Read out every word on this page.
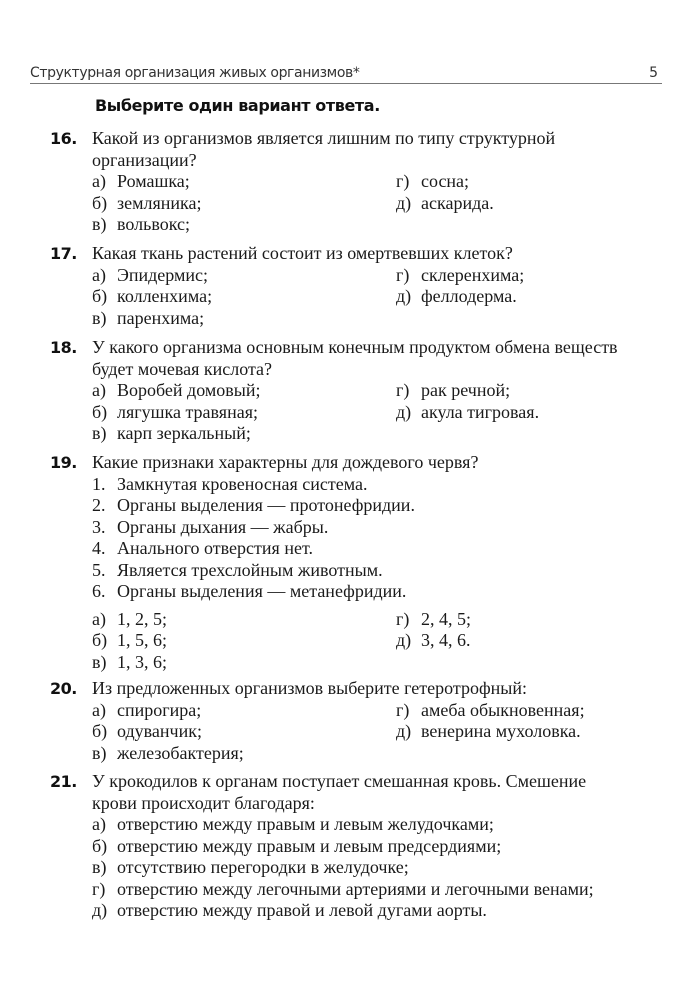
Структурная организация живых организмов*	5
Выберите один вариант ответа.
16. Какой из организмов является лишним по типу структурной организации?
а) Ромашка;
б) земляника;
в) вольвокс;
г) сосна;
д) аскарида.
17. Какая ткань растений состоит из омертвевших клеток?
а) Эпидермис;
б) колленхима;
в) паренхима;
г) склеренхима;
д) феллодерма.
18. У какого организма основным конечным продуктом обмена веществ будет мочевая кислота?
а) Воробей домовый;
б) лягушка травяная;
в) карп зеркальный;
г) рак речной;
д) акула тигровая.
19. Какие признаки характерны для дождевого червя?
1. Замкнутая кровеносная система.
2. Органы выделения — протонефридии.
3. Органы дыхания — жабры.
4. Анального отверстия нет.
5. Является трехслойным животным.
6. Органы выделения — метанефридии.
а) 1, 2, 5;
б) 1, 5, 6;
в) 1, 3, 6;
г) 2, 4, 5;
д) 3, 4, 6.
20. Из предложенных организмов выберите гетеротрофный:
а) спирогира;
б) одуванчик;
в) железобактерия;
г) амеба обыкновенная;
д) венерина мухоловка.
21. У крокодилов к органам поступает смешанная кровь. Смешение крови происходит благодаря:
а) отверстию между правым и левым желудочками;
б) отверстию между правым и левым предсердиями;
в) отсутствию перегородки в желудочке;
г) отверстию между легочными артериями и легочными венами;
д) отверстию между правой и левой дугами аорты.
